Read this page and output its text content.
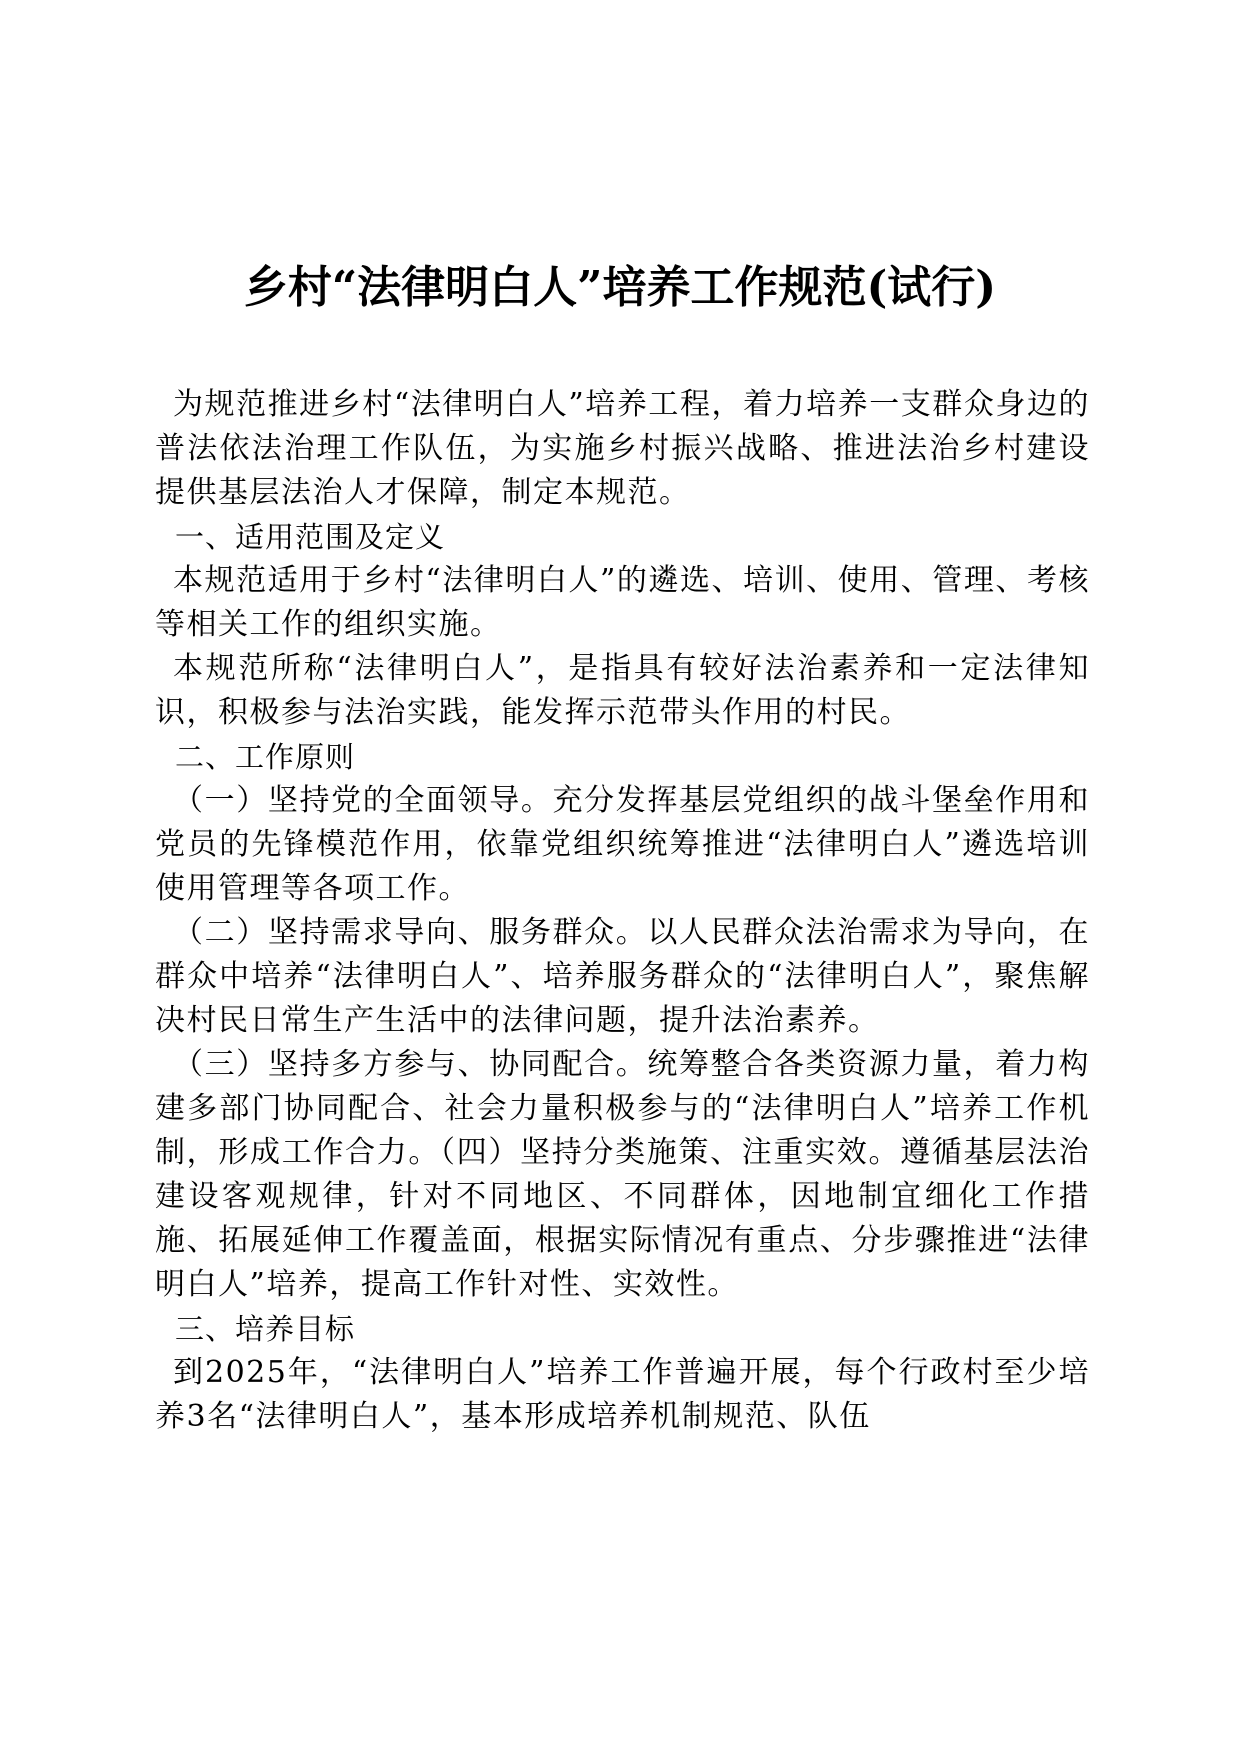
乡村“法律明白人”培养工作规范(试行)

为规范推进乡村“法律明白人”培养工程，着力培养一支群众身边的普法依法治理工作队伍，为实施乡村振兴战略、推进法治乡村建设提供基层法治人才保障，制定本规范。

一、适用范围及定义

本规范适用于乡村“法律明白人”的遴选、培训、使用、管理、考核等相关工作的组织实施。

本规范所称“法律明白人”，是指具有较好法治素养和一定法律知识，积极参与法治实践，能发挥示范带头作用的村民。

二、工作原则

（一）坚持党的全面领导。充分发挥基层党组织的战斗堡垒作用和党员的先锋模范作用，依靠党组织统筹推进“法律明白人”遴选培训使用管理等各项工作。

（二）坚持需求导向、服务群众。以人民群众法治需求为导向，在群众中培养“法律明白人”、培养服务群众的“法律明白人”，聚焦解决村民日常生产生活中的法律问题，提升法治素养。

（三）坚持多方参与、协同配合。统筹整合各类资源力量，着力构建多部门协同配合、社会力量积极参与的“法律明白人”培养工作机制，形成工作合力。（四）坚持分类施策、注重实效。遵循基层法治建设客观规律，针对不同地区、不同群体，因地制宜细化工作措施、拓展延伸工作覆盖面，根据实际情况有重点、分步骤推进“法律明白人”培养，提高工作针对性、实效性。

三、培养目标

到2025年，“法律明白人”培养工作普遍开展，每个行政村至少培养3名“法律明白人”，基本形成培养机制规范、队伍
